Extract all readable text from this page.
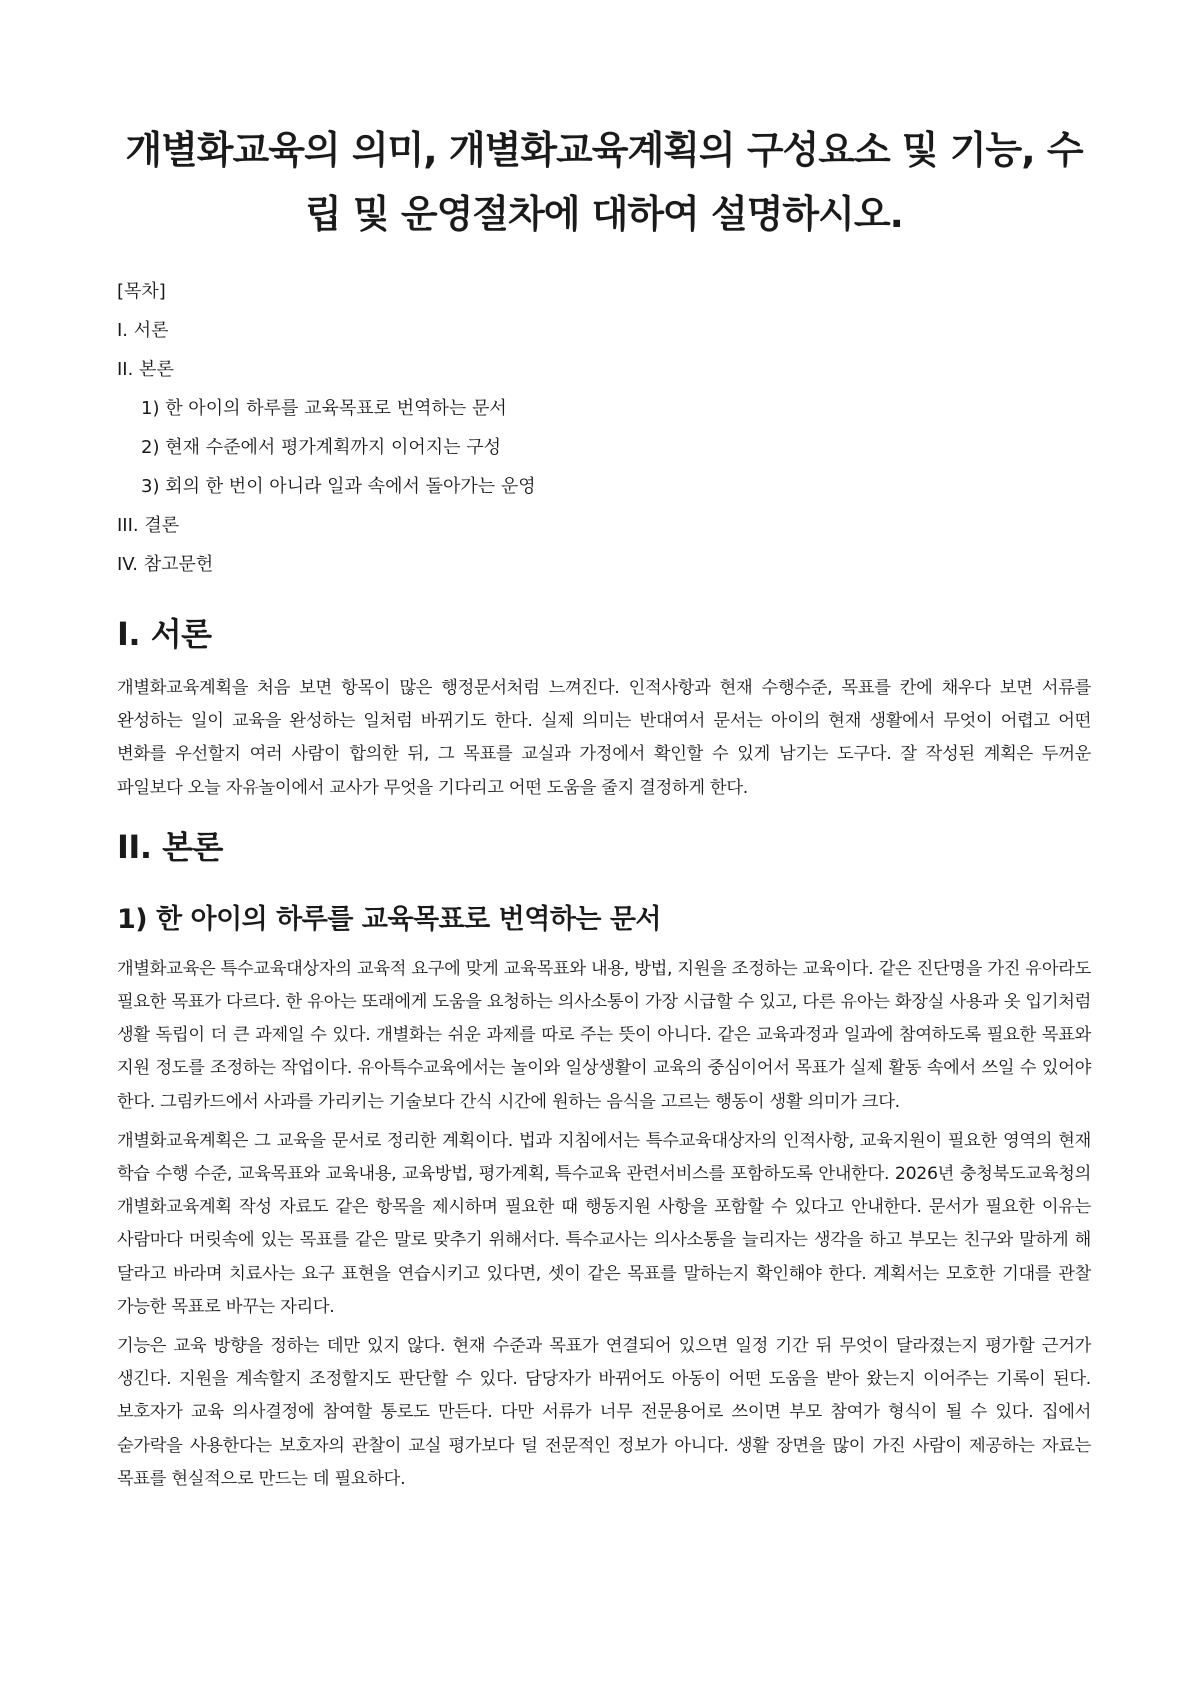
개별화교육의 의미, 개별화교육계획의 구성요소 및 기능, 수립 및 운영절차에 대하여 설명하시오.
[목차]
I. 서론
II. 본론
1) 한 아이의 하루를 교육목표로 번역하는 문서
2) 현재 수준에서 평가계획까지 이어지는 구성
3) 회의 한 번이 아니라 일과 속에서 돌아가는 운영
III. 결론
IV. 참고문헌
I. 서론

개별화교육계획을 처음 보면 항목이 많은 행정문서처럼 느껴진다. 인적사항과 현재 수행수준, 목표를 칸에 채우다 보면 서류를 완성하는 일이 교육을 완성하는 일처럼 바뀌기도 한다. 실제 의미는 반대여서 문서는 아이의 현재 생활에서 무엇이 어렵고 어떤 변화를 우선할지 여러 사람이 합의한 뒤, 그 목표를 교실과 가정에서 확인할 수 있게 남기는 도구다. 잘 작성된 계획은 두꺼운 파일보다 오늘 자유놀이에서 교사가 무엇을 기다리고 어떤 도움을 줄지 결정하게 한다.

II. 본론
1) 한 아이의 하루를 교육목표로 번역하는 문서

개별화교육은 특수교육대상자의 교육적 요구에 맞게 교육목표와 내용, 방법, 지원을 조정하는 교육이다. 같은 진단명을 가진 유아라도 필요한 목표가 다르다. 한 유아는 또래에게 도움을 요청하는 의사소통이 가장 시급할 수 있고, 다른 유아는 화장실 사용과 옷 입기처럼 생활 독립이 더 큰 과제일 수 있다. 개별화는 쉬운 과제를 따로 주는 뜻이 아니다. 같은 교육과정과 일과에 참여하도록 필요한 목표와 지원 정도를 조정하는 작업이다. 유아특수교육에서는 놀이와 일상생활이 교육의 중심이어서 목표가 실제 활동 속에서 쓰일 수 있어야 한다. 그림카드에서 사과를 가리키는 기술보다 간식 시간에 원하는 음식을 고르는 행동이 생활 의미가 크다.

개별화교육계획은 그 교육을 문서로 정리한 계획이다. 법과 지침에서는 특수교육대상자의 인적사항, 교육지원이 필요한 영역의 현재 학습 수행 수준, 교육목표와 교육내용, 교육방법, 평가계획, 특수교육 관련서비스를 포함하도록 안내한다. 2026년 충청북도교육청의 개별화교육계획 작성 자료도 같은 항목을 제시하며 필요한 때 행동지원 사항을 포함할 수 있다고 안내한다. 문서가 필요한 이유는 사람마다 머릿속에 있는 목표를 같은 말로 맞추기 위해서다. 특수교사는 의사소통을 늘리자는 생각을 하고 부모는 친구와 말하게 해 달라고 바라며 치료사는 요구 표현을 연습시키고 있다면, 셋이 같은 목표를 말하는지 확인해야 한다. 계획서는 모호한 기대를 관찰 가능한 목표로 바꾸는 자리다.

기능은 교육 방향을 정하는 데만 있지 않다. 현재 수준과 목표가 연결되어 있으면 일정 기간 뒤 무엇이 달라졌는지 평가할 근거가 생긴다. 지원을 계속할지 조정할지도 판단할 수 있다. 담당자가 바뀌어도 아동이 어떤 도움을 받아 왔는지 이어주는 기록이 된다. 보호자가 교육 의사결정에 참여할 통로도 만든다. 다만 서류가 너무 전문용어로 쓰이면 부모 참여가 형식이 될 수 있다. 집에서 숟가락을 사용한다는 보호자의 관찰이 교실 평가보다 덜 전문적인 정보가 아니다. 생활 장면을 많이 가진 사람이 제공하는 자료는 목표를 현실적으로 만드는 데 필요하다.
